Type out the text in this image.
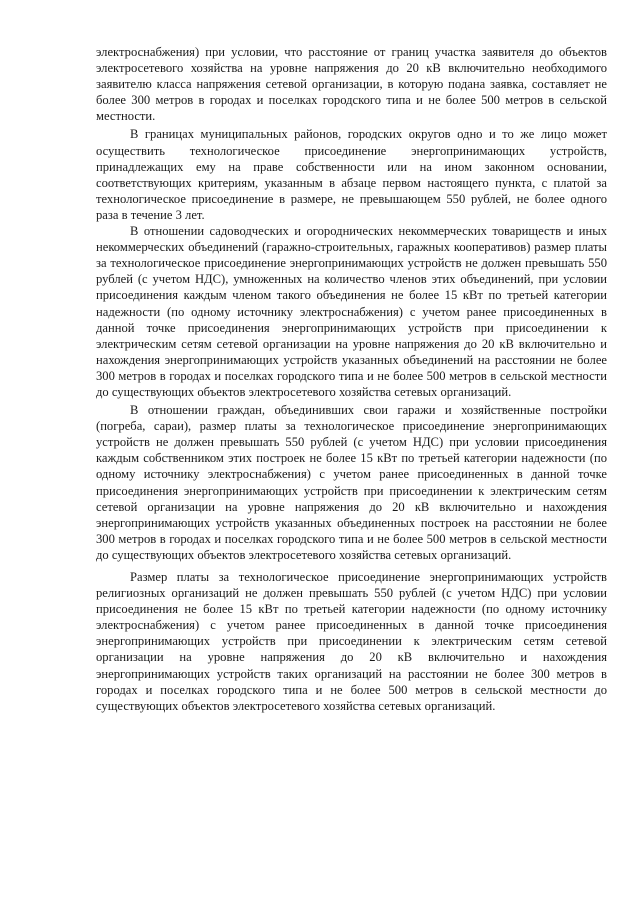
электроснабжения) при условии, что расстояние от границ участка заявителя до объектов электросетевого хозяйства на уровне напряжения до 20 кВ включительно необходимого заявителю класса напряжения сетевой организации, в которую подана заявка, составляет не более 300 метров в городах и поселках городского типа и не более 500 метров в сельской местности.

В границах муниципальных районов, городских округов одно и то же лицо может осуществить технологическое присоединение энергопринимающих устройств, принадлежащих ему на праве собственности или на ином законном основании, соответствующих критериям, указанным в абзаце первом настоящего пункта, с платой за технологическое присоединение в размере, не превышающем 550 рублей, не более одного раза в течение 3 лет.

В отношении садоводческих и огороднических некоммерческих товариществ и иных некоммерческих объединений (гаражно-строительных, гаражных кооперативов) размер платы за технологическое присоединение энергопринимающих устройств не должен превышать 550 рублей (с учетом НДС), умноженных на количество членов этих объединений, при условии присоединения каждым членом такого объединения не более 15 кВт по третьей категории надежности (по одному источнику электроснабжения) с учетом ранее присоединенных в данной точке присоединения энергопринимающих устройств при присоединении к электрическим сетям сетевой организации на уровне напряжения до 20 кВ включительно и нахождения энергопринимающих устройств указанных объединений на расстоянии не более 300 метров в городах и поселках городского типа и не более 500 метров в сельской местности до существующих объектов электросетевого хозяйства сетевых организаций.

В отношении граждан, объединивших свои гаражи и хозяйственные постройки (погреба, сараи), размер платы за технологическое присоединение энергопринимающих устройств не должен превышать 550 рублей (с учетом НДС) при условии присоединения каждым собственником этих построек не более 15 кВт по третьей категории надежности (по одному источнику электроснабжения) с учетом ранее присоединенных в данной точке присоединения энергопринимающих устройств при присоединении к электрическим сетям сетевой организации на уровне напряжения до 20 кВ включительно и нахождения энергопринимающих устройств указанных объединенных построек на расстоянии не более 300 метров в городах и поселках городского типа и не более 500 метров в сельской местности до существующих объектов электросетевого хозяйства сетевых организаций.

Размер платы за технологическое присоединение энергопринимающих устройств религиозных организаций не должен превышать 550 рублей (с учетом НДС) при условии присоединения не более 15 кВт по третьей категории надежности (по одному источнику электроснабжения) с учетом ранее присоединенных в данной точке присоединения энергопринимающих устройств при присоединении к электрическим сетям сетевой организации на уровне напряжения до 20 кВ включительно и нахождения энергопринимающих устройств таких организаций на расстоянии не более 300 метров в городах и поселках городского типа и не более 500 метров в сельской местности до существующих объектов электросетевого хозяйства сетевых организаций.
